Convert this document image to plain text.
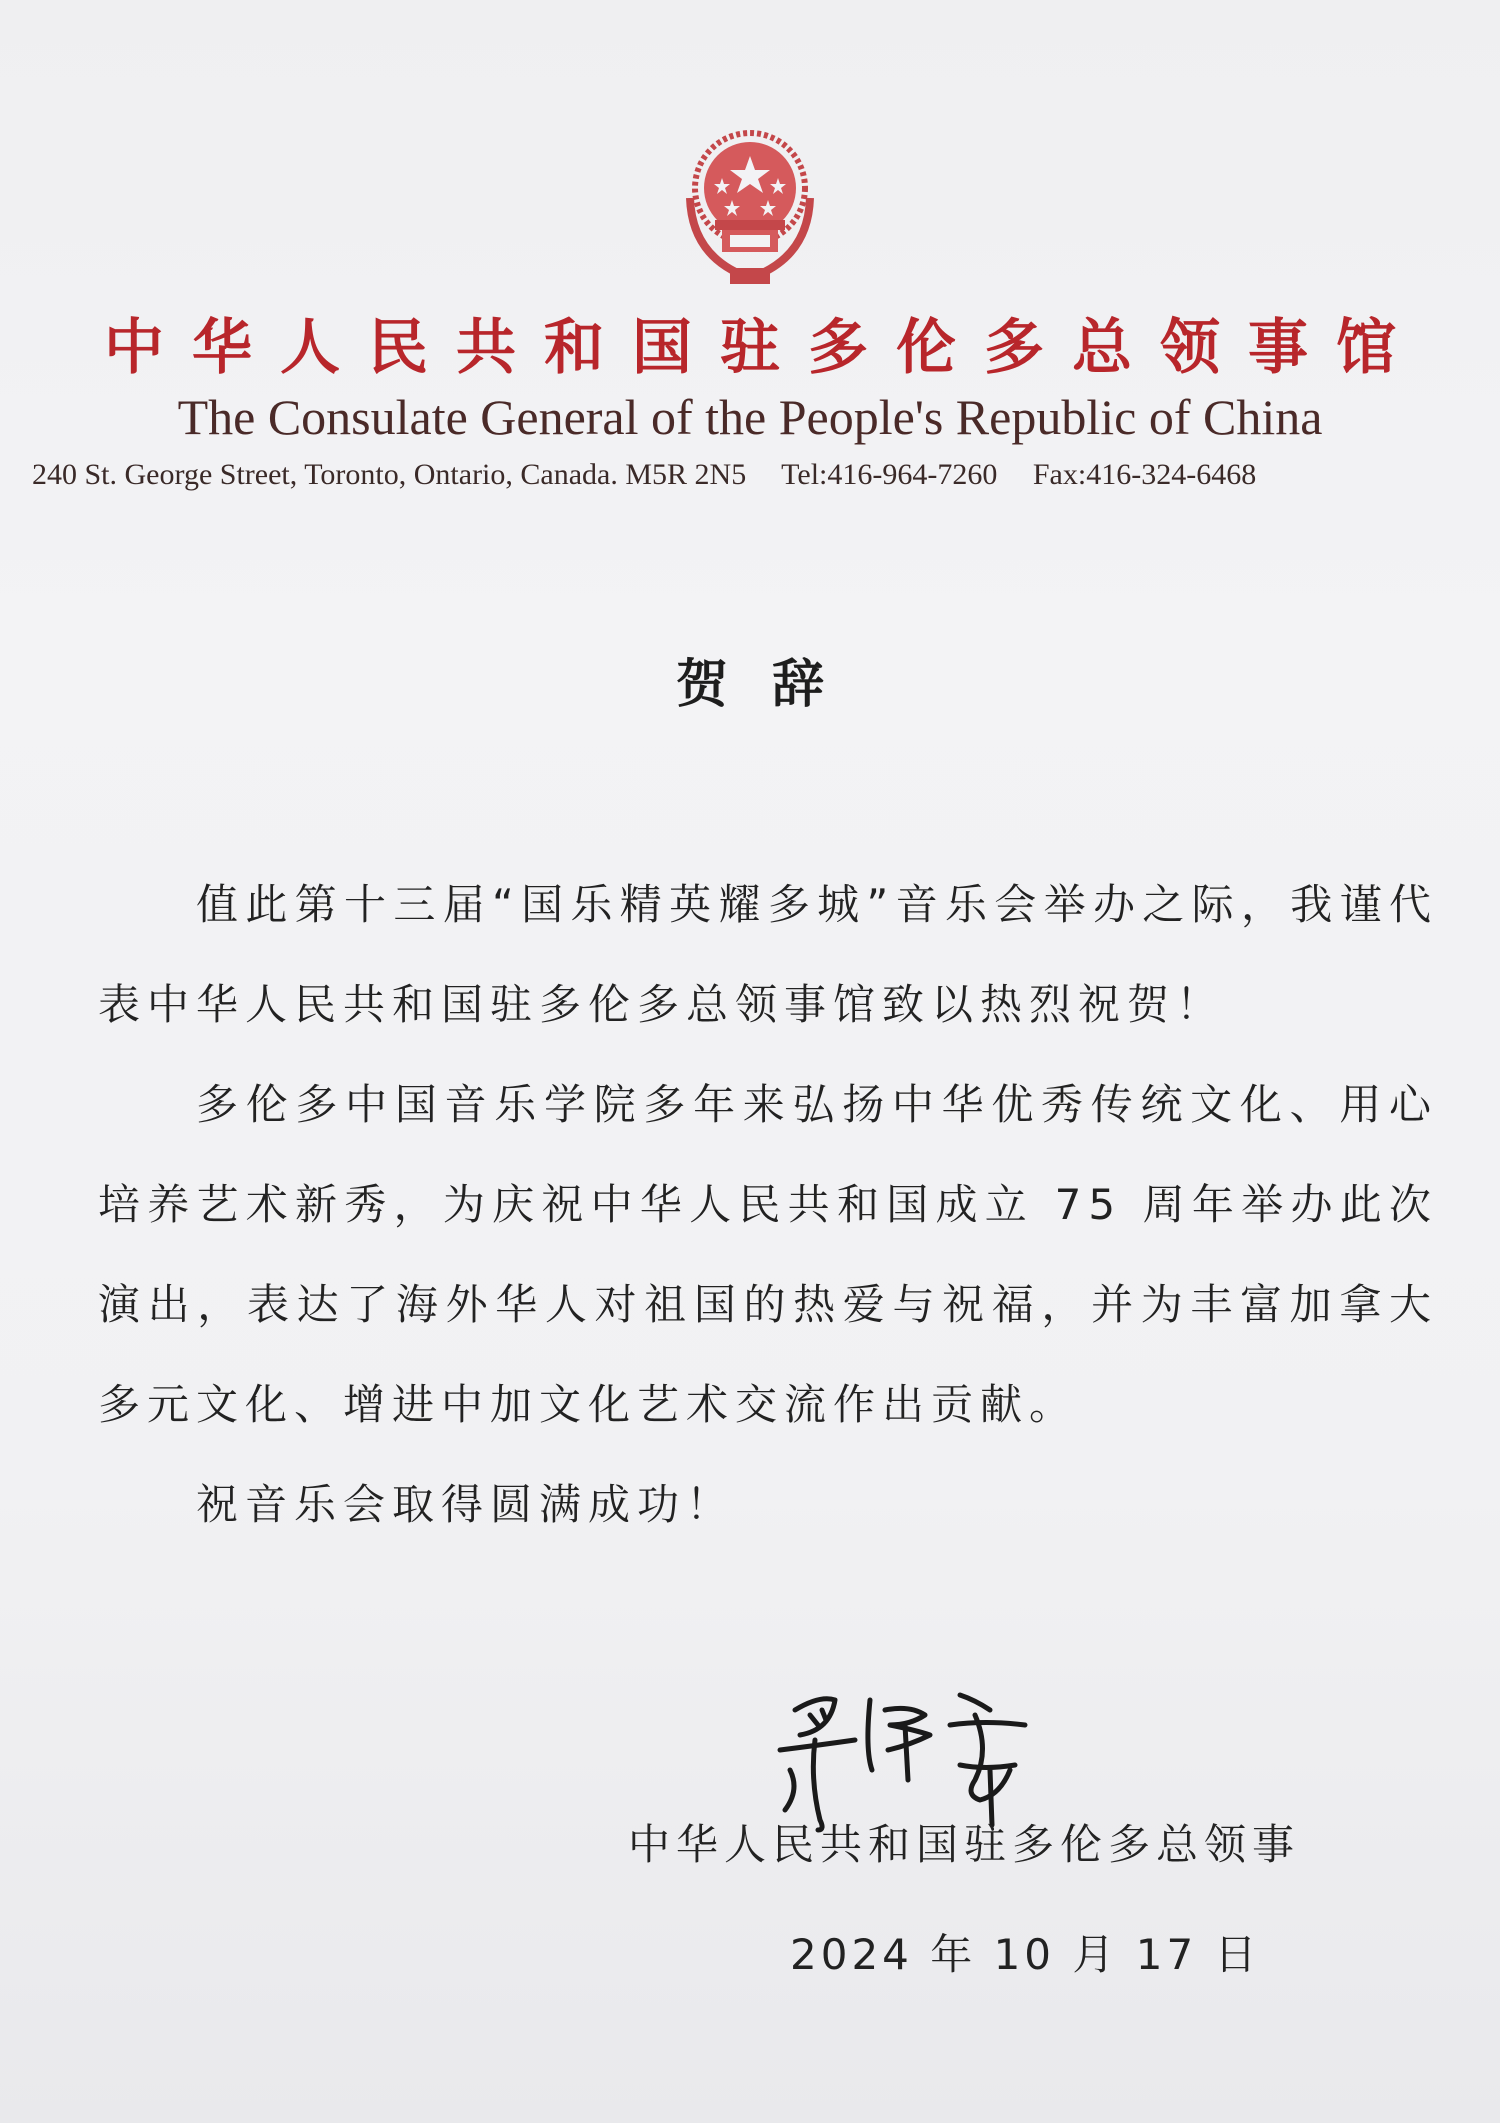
中华人民共和国驻多伦多总领事馆
The Consulate General of the People's Republic of China
240 St. George Street, Toronto, Ontario, Canada. M5R 2N5 Tel:416-964-7260 Fax:416-324-6468
贺辞

值此第十三届“国乐精英耀多城”音乐会举办之际，我谨代表中华人民共和国驻多伦多总领事馆致以热烈祝贺！

多伦多中国音乐学院多年来弘扬中华优秀传统文化、用心培养艺术新秀，为庆祝中华人民共和国成立 75 周年举办此次演出，表达了海外华人对祖国的热爱与祝福，并为丰富加拿大多元文化、增进中加文化艺术交流作出贡献。

祝音乐会取得圆满成功！

中华人民共和国驻多伦多总领事
2024 年 10 月 17 日
